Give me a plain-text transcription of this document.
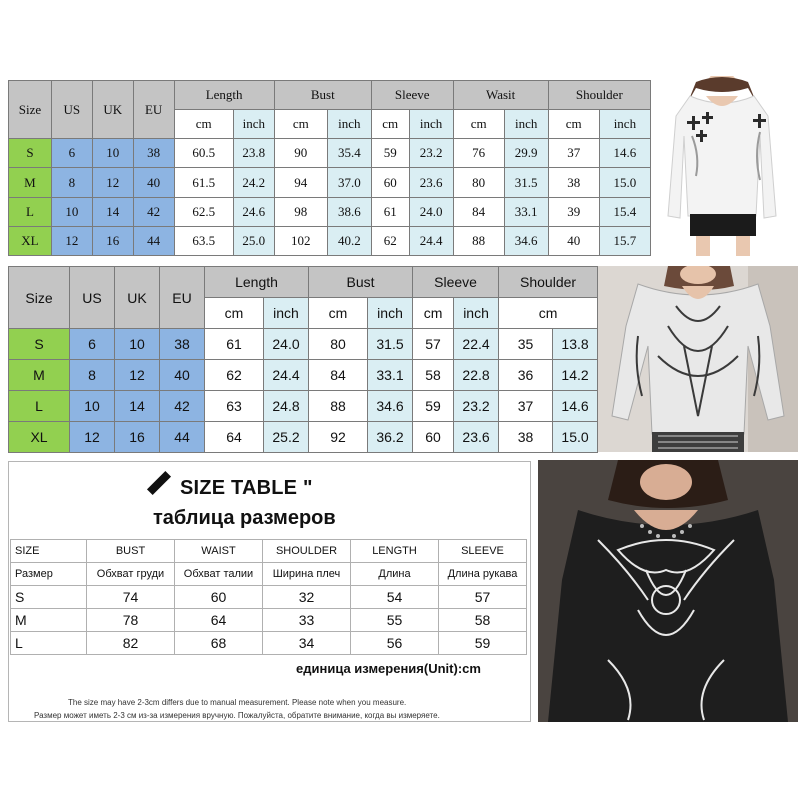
Size	US	UK	EU	Length		Bust		Sleeve		Wasit		Shoulder	
				cm	inch	cm	inch	cm	inch	cm	inch	cm	inch
S	6	10	38	60.5	23.8	90	35.4	59	23.2	76	29.9	37	14.6
M	8	12	40	61.5	24.2	94	37.0	60	23.6	80	31.5	38	15.0
L	10	14	42	62.5	24.6	98	38.6	61	24.0	84	33.1	39	15.4
XL	12	16	44	63.5	25.0	102	40.2	62	24.4	88	34.6	40	15.7
Size	US	UK	EU	Length		Bust		Sleeve		Shoulder	
				cm	inch	cm	inch	cm	inch	cm	
S	6	10	38	61	24.0	80	31.5	57	22.4	35	13.8
M	8	12	40	62	24.4	84	33.1	58	22.8	36	14.2
L	10	14	42	63	24.8	88	34.6	59	23.2	37	14.6
XL	12	16	44	64	25.2	92	36.2	60	23.6	38	15.0
SIZE TABLE "
таблица размеров
SIZE	BUST	WAIST	SHOULDER	LENGTH	SLEEVE
Размер	Обхват груди	Обхват талии	Ширина плеч	Длина	Длина рукава
S	74	60	32	54	57
M	78	64	33	55	58
L	82	68	34	56	59
единица измерения(Unit):cm
The size may have 2-3cm differs due to manual measurement. Please note when you measure.
Размер может иметь 2-3 см из-за измерения вручную. Пожалуйста, обратите внимание, когда вы измеряете.
